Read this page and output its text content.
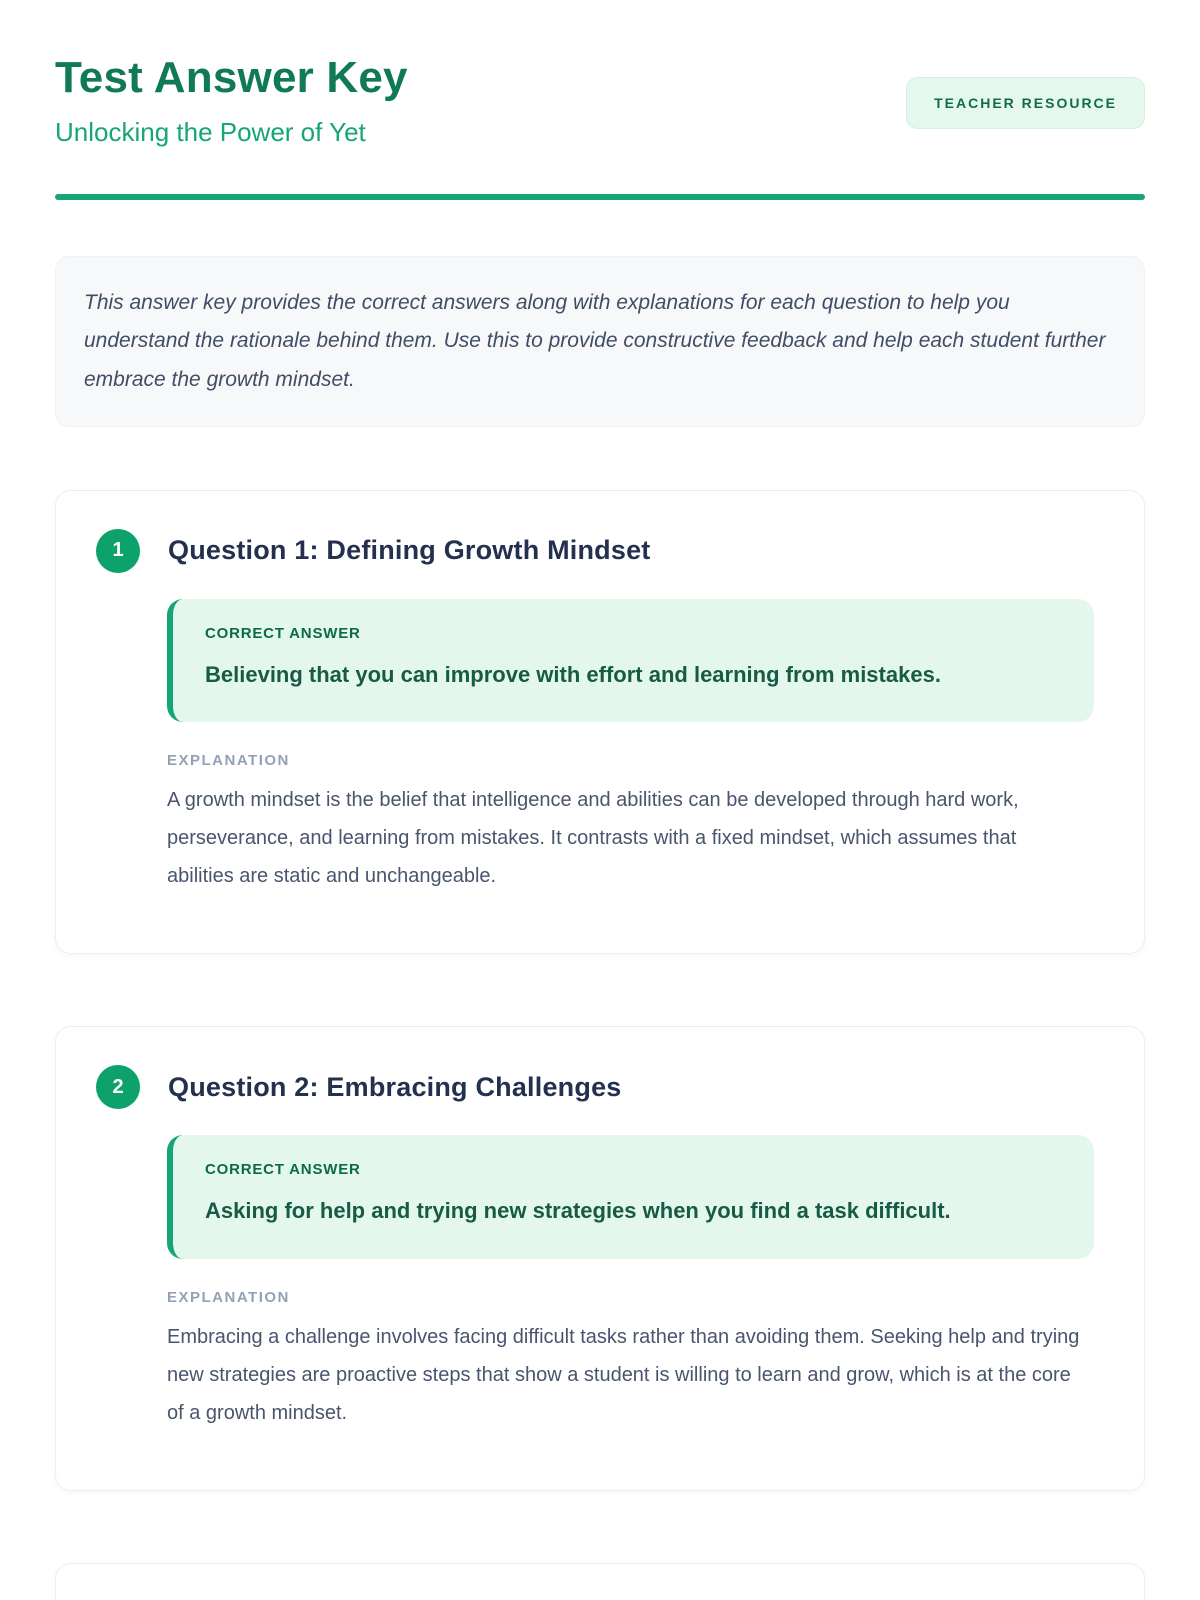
Test Answer Key
Unlocking the Power of Yet
TEACHER RESOURCE

This answer key provides the correct answers along with explanations for each question to help you understand the rationale behind them. Use this to provide constructive feedback and help each student further embrace the growth mindset.

1	Question 1: Defining Growth Mindset
CORRECT ANSWER
Believing that you can improve with effort and learning from mistakes.
EXPLANATION

A growth mindset is the belief that intelligence and abilities can be developed through hard work, perseverance, and learning from mistakes. It contrasts with a fixed mindset, which assumes that abilities are static and unchangeable.

2	Question 2: Embracing Challenges
CORRECT ANSWER
Asking for help and trying new strategies when you find a task difficult.
EXPLANATION

Embracing a challenge involves facing difficult tasks rather than avoiding them. Seeking help and trying new strategies are proactive steps that show a student is willing to learn and grow, which is at the core of a growth mindset.
